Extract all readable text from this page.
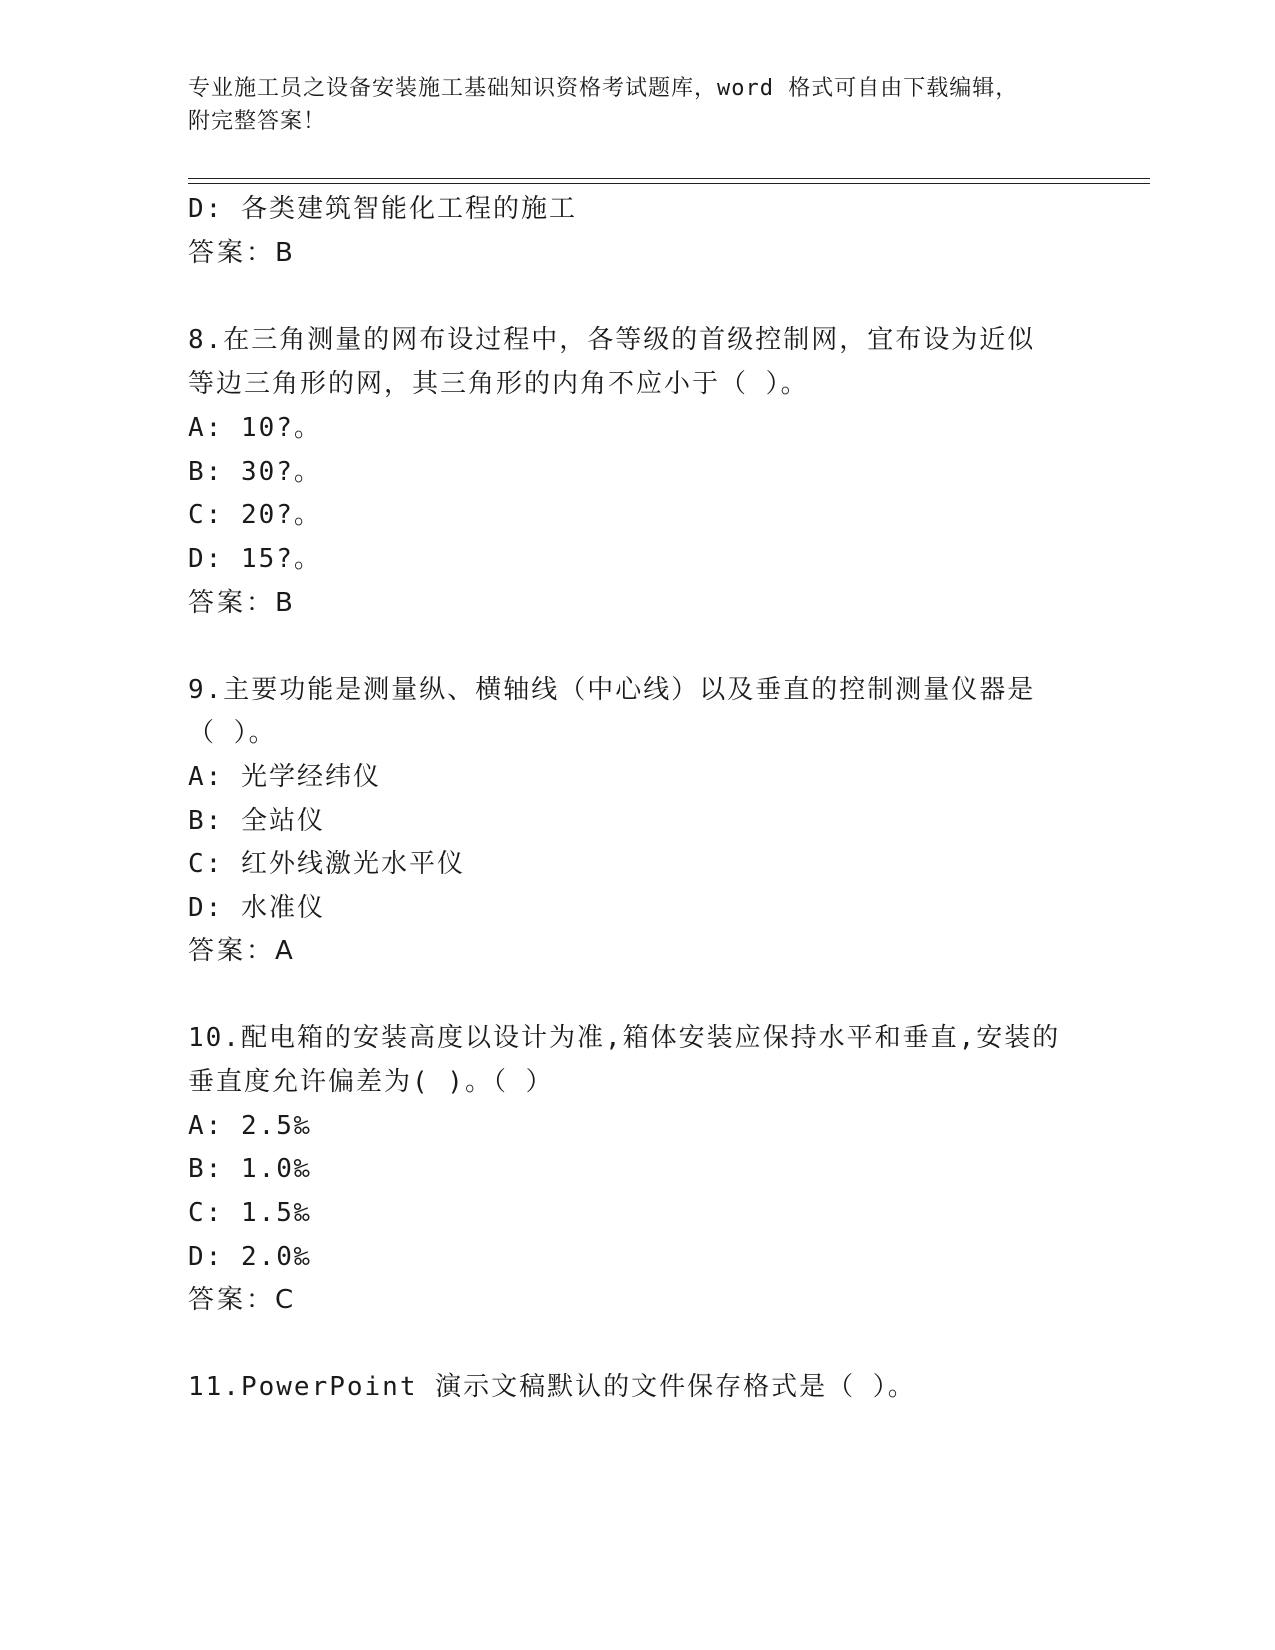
专业施工员之设备安装施工基础知识资格考试题库，word 格式可自由下载编辑，
附完整答案！
D: 各类建筑智能化工程的施工
答案：B
8.在三角测量的网布设过程中，各等级的首级控制网，宜布设为近似
等边三角形的网，其三角形的内角不应小于（ ）。
A: 10?。
B: 30?。
C: 20?。
D: 15?。
答案：B
9.主要功能是测量纵、横轴线（中心线）以及垂直的控制测量仪器是
（ ）。
A: 光学经纬仪
B: 全站仪
C: 红外线激光水平仪
D: 水准仪
答案：A
10.配电箱的安装高度以设计为准,箱体安装应保持水平和垂直,安装的
垂直度允许偏差为( )。（ ）
A: 2.5‰
B: 1.0‰
C: 1.5‰
D: 2.0‰
答案：C
11.PowerPoint 演示文稿默认的文件保存格式是（ ）。
